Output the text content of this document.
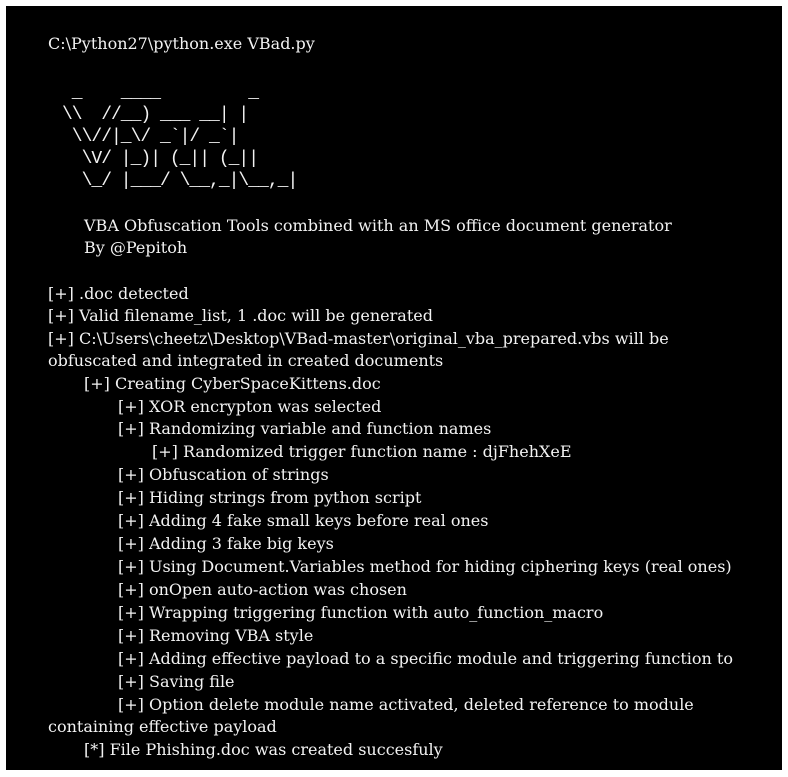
C:\Python27\python.exe VBad.py
_    ____         _
\\  //__) ___ __| |
\\//|_\/ _`|/ _`|
\V/ |_)| (_|| (_||
\_/ |___/ \__,_|\__,_|
VBA Obfuscation Tools combined with an MS office document generator
By @Pepitoh
[+] .doc detected
[+] Valid filename_list, 1 .doc will be generated
[+] C:\Users\cheetz\Desktop\VBad-master\original_vba_prepared.vbs will be
obfuscated and integrated in created documents
[+] Creating CyberSpaceKittens.doc
[+] XOR encrypton was selected
[+] Randomizing variable and function names
[+] Randomized trigger function name : djFhehXeE
[+] Obfuscation of strings
[+] Hiding strings from python script
[+] Adding 4 fake small keys before real ones
[+] Adding 3 fake big keys
[+] Using Document.Variables method for hiding ciphering keys (real ones)
[+] onOpen auto-action was chosen
[+] Wrapping triggering function with auto_function_macro
[+] Removing VBA style
[+] Adding effective payload to a specific module and triggering function to
[+] Saving file
[+] Option delete module name activated, deleted reference to module
containing effective payload
[*] File Phishing.doc was created succesfuly
